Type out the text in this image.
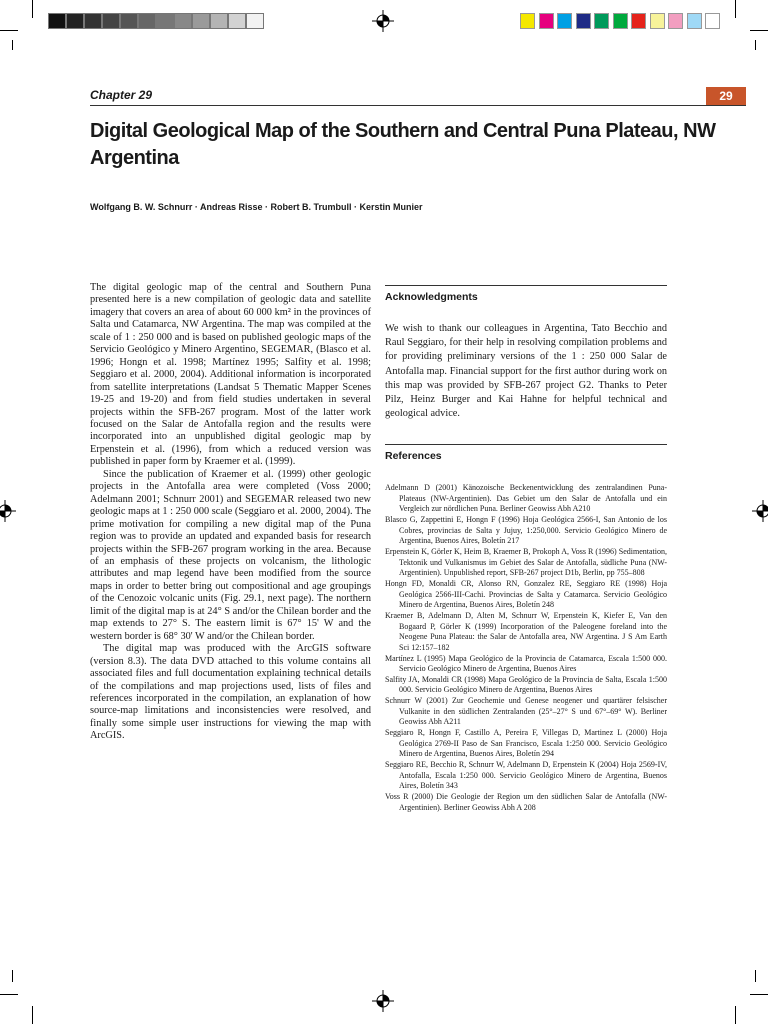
Chapter 29	29
Digital Geological Map of the Southern and Central Puna Plateau, NW Argentina
Wolfgang B. W. Schnurr · Andreas Risse · Robert B. Trumbull · Kerstin Munier

The digital geologic map of the central and Southern Puna presented here is a new compilation of geologic data and satellite imagery that covers an area of about 60 000 km² in the provinces of Salta und Catamarca, NW Argentina. The map was compiled at the scale of 1 : 250 000 and is based on published geologic maps of the Servicio Geológico y Minero Argentino, SEGEMAR, (Blasco et al. 1996; Hongn et al. 1998; Martínez 1995; Salfity et al. 1998; Seggiaro et al. 2000, 2004). Additional information is incorporated from satellite interpretations (Landsat 5 Thematic Mapper Scenes 19-25 and 19-20) and from field studies undertaken in several projects within the SFB-267 program. Most of the latter work focused on the Salar de Antofalla region and the results were incorporated into an unpublished digital geologic map by Erpenstein et al. (1996), from which a reduced version was published in paper form by Kraemer et al. (1999).

Since the publication of Kraemer et al. (1999) other geologic projects in the Antofalla area were completed (Voss 2000; Adelmann 2001; Schnurr 2001) and SEGEMAR released two new geologic maps at 1 : 250 000 scale (Seggiaro et al. 2000, 2004). The prime motivation for compiling a new digital map of the Puna region was to provide an updated and expanded basis for research projects within the SFB-267 program working in the area. Because of an emphasis of these projects on volcanism, the lithologic attributes and map legend have been modified from the source maps in order to better bring out compositional and age groupings of the Cenozoic volcanic units (Fig. 29.1, next page). The northern limit of the digital map is at 24° S and/or the Chilean border and the map extends to 27° S. The eastern limit is 67° 15' W and the western border is 68° 30' W and/or the Chilean border.

The digital map was produced with the ArcGIS software (version 8.3). The data DVD attached to this volume contains all associated files and full documentation explaining technical details of the compilations and map projections used, lists of files and references incorporated in the compilation, an explanation of how source-map limitations and inconsistencies were resolved, and finally some simple user instructions for viewing the map with ArcGIS.

Acknowledgments
We wish to thank our colleagues in Argentina, Tato Becchio and Raul Seggiaro, for their help in resolving compilation problems and for providing preliminary versions of the 1 : 250 000 Salar de Antofalla map. Financial support for the first author during work on this map was provided by SFB-267 project G2. Thanks to Peter Pilz, Heinz Burger and Kai Hahne for helpful technical and geological advice.
References
Adelmann D (2001) Känozoische Beckenentwicklung des zentralandinen Puna-Plateaus (NW-Argentinien). Das Gebiet um den Salar de Antofalla und ein Vergleich zur nördlichen Puna. Berliner Geowiss Abh A210
Blasco G, Zappettini E, Hongn F (1996) Hoja Geológica 2566-I, San Antonio de los Cobres, provincias de Salta y Jujuy, 1:250,000. Servicio Geológico Minero de Argentina, Buenos Aires, Boletín 217
Erpenstein K, Görler K, Heim B, Kraemer B, Prokoph A, Voss R (1996) Sedimentation, Tektonik und Vulkanismus im Gebiet des Salar de Antofalla, südliche Puna (NW-Argentinien). Unpublished report, SFB-267 project D1b, Berlin, pp 755–808
Hongn FD, Monaldi CR, Alonso RN, Gonzalez RE, Seggiaro RE (1998) Hoja Geológica 2566-III-Cachi. Provincias de Salta y Catamarca. Servicio Geológico Minero de Argentina, Buenos Aires, Boletín 248
Kraemer B, Adelmann D, Alten M, Schnurr W, Erpenstein K, Kiefer E, Van den Bogaard P, Görler K (1999) Incorporation of the Paleogene foreland into the Neogene Puna Plateau: the Salar de Antofalla area, NW Argentina. J S Am Earth Sci 12:157–182
Martínez L (1995) Mapa Geológico de la Provincia de Catamarca, Escala 1:500 000. Servicio Geológico Minero de Argentina, Buenos Aires
Salfity JA, Monaldi CR (1998) Mapa Geológico de la Provincia de Salta, Escala 1:500 000. Servicio Geológico Minero de Argentina, Buenos Aires
Schnurr W (2001) Zur Geochemie und Genese neogener und quartärer felsischer Vulkanite in den südlichen Zentralanden (25°–27° S und 67°–69° W). Berliner Geowiss Abh A211
Seggiaro R, Hongn F, Castillo A, Pereira F, Villegas D, Martinez L (2000) Hoja Geológica 2769-II Paso de San Francisco, Escala 1:250 000. Servicio Geológico Minero de Argentina, Buenos Aires, Boletín 294
Seggiaro RE, Becchio R, Schnurr W, Adelmann D, Erpenstein K (2004) Hoja 2569-IV, Antofalla, Escala 1:250 000. Servicio Geológico Minero de Argentina, Buenos Aires, Boletín 343
Voss R (2000) Die Geologie der Region um den südlichen Salar de Antofalla (NW-Argentinien). Berliner Geowiss Abh A 208
